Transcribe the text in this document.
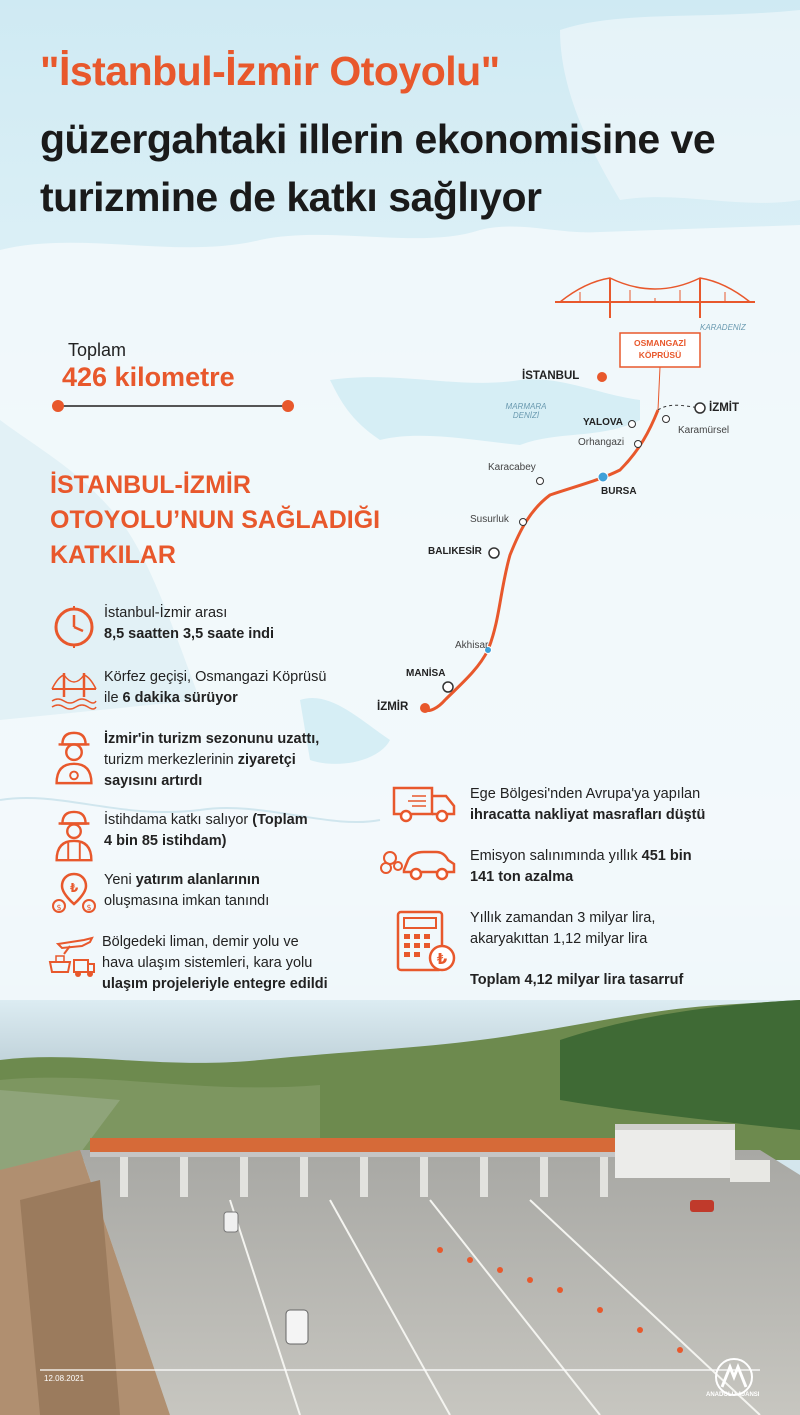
"İstanbul-İzmir Otoyolu"
güzergahtaki illerin ekonomisine ve turizmine de katkı sağlıyor
Toplam
426 kilometre
İSTANBUL-İZMİR OTOYOLU’NUN SAĞLADIĞI KATKILAR
OSMANGAZİ KÖPRÜSÜ
KARADENİZ
MARMARA DENİZİ
İSTANBUL
İZMİT
YALOVA
Karamürsel
Orhangazi
Karacabey
BURSA
Susurluk
BALIKESİR
Akhisar
MANİSA
İZMİR
İstanbul-İzmir arası
8,5 saatten 3,5 saate indi
Körfez geçişi, Osmangazi Köprüsü
ile 6 dakika sürüyor
İzmir'in turizm sezonunu uzattı,
turizm merkezlerinin ziyaretçi
sayısını artırdı
İstihdama katkı salıyor (Toplam
4 bin 85 istihdam)
₺
$	$
Yeni yatırım alanlarının
oluşmasına imkan tanındı
Bölgedeki liman, demir yolu ve
hava ulaşım sistemleri, kara yolu
ulaşım projeleriyle entegre edildi
Ege Bölgesi'nden Avrupa'ya yapılan
ihracatta nakliyat masrafları düştü
Emisyon salınımında yıllık 451 bin
141 ton azalma
₺
Yıllık zamandan 3 milyar lira,
akaryakıttan 1,12 milyar lira
Toplam 4,12 milyar lira tasarruf
12.08.2021
ANADOLU AJANSI
